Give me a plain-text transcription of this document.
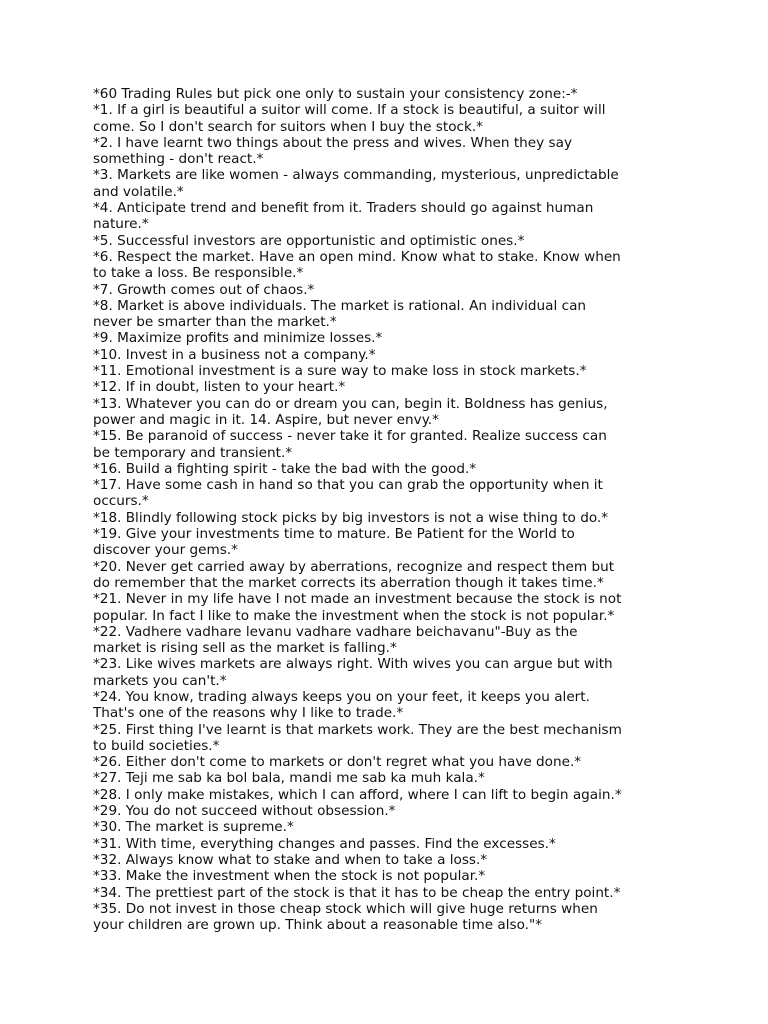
*60 Trading Rules but pick one only to sustain your consistency zone:-*

*1. If a girl is beautiful a suitor will come. If a stock is beautiful, a suitor will

come. So I don't search for suitors when I buy the stock.*

*2. I have learnt two things about the press and wives. When they say

something - don't react.*

*3. Markets are like women - always commanding, mysterious, unpredictable

and volatile.*

*4. Anticipate trend and benefit from it. Traders should go against human

nature.*

*5. Successful investors are opportunistic and optimistic ones.*

*6. Respect the market. Have an open mind. Know what to stake. Know when

to take a loss. Be responsible.*

*7. Growth comes out of chaos.*

*8. Market is above individuals. The market is rational. An individual can

never be smarter than the market.*

*9. Maximize profits and minimize losses.*

*10. Invest in a business not a company.*

*11. Emotional investment is a sure way to make loss in stock markets.*

*12. If in doubt, listen to your heart.*

*13. Whatever you can do or dream you can, begin it. Boldness has genius,

power and magic in it. 14. Aspire, but never envy.*

*15. Be paranoid of success - never take it for granted. Realize success can

be temporary and transient.*

*16. Build a fighting spirit - take the bad with the good.*

*17. Have some cash in hand so that you can grab the opportunity when it

occurs.*

*18. Blindly following stock picks by big investors is not a wise thing to do.*

*19. Give your investments time to mature. Be Patient for the World to

discover your gems.*

*20. Never get carried away by aberrations, recognize and respect them but

do remember that the market corrects its aberration though it takes time.*

*21. Never in my life have I not made an investment because the stock is not

popular. In fact I like to make the investment when the stock is not popular.*

*22. Vadhere vadhare levanu vadhare vadhare beichavanu"-Buy as the

market is rising sell as the market is falling.*

*23. Like wives markets are always right. With wives you can argue but with

markets you can't.*

*24. You know, trading always keeps you on your feet, it keeps you alert.

That's one of the reasons why I like to trade.*

*25. First thing I've learnt is that markets work. They are the best mechanism

to build societies.*

*26. Either don't come to markets or don't regret what you have done.*

*27. Teji me sab ka bol bala, mandi me sab ka muh kala.*

*28. I only make mistakes, which I can afford, where I can lift to begin again.*

*29. You do not succeed without obsession.*

*30. The market is supreme.*

*31. With time, everything changes and passes. Find the excesses.*

*32. Always know what to stake and when to take a loss.*

*33. Make the investment when the stock is not popular.*

*34. The prettiest part of the stock is that it has to be cheap the entry point.*

*35. Do not invest in those cheap stock which will give huge returns when

your children are grown up. Think about a reasonable time also."*
